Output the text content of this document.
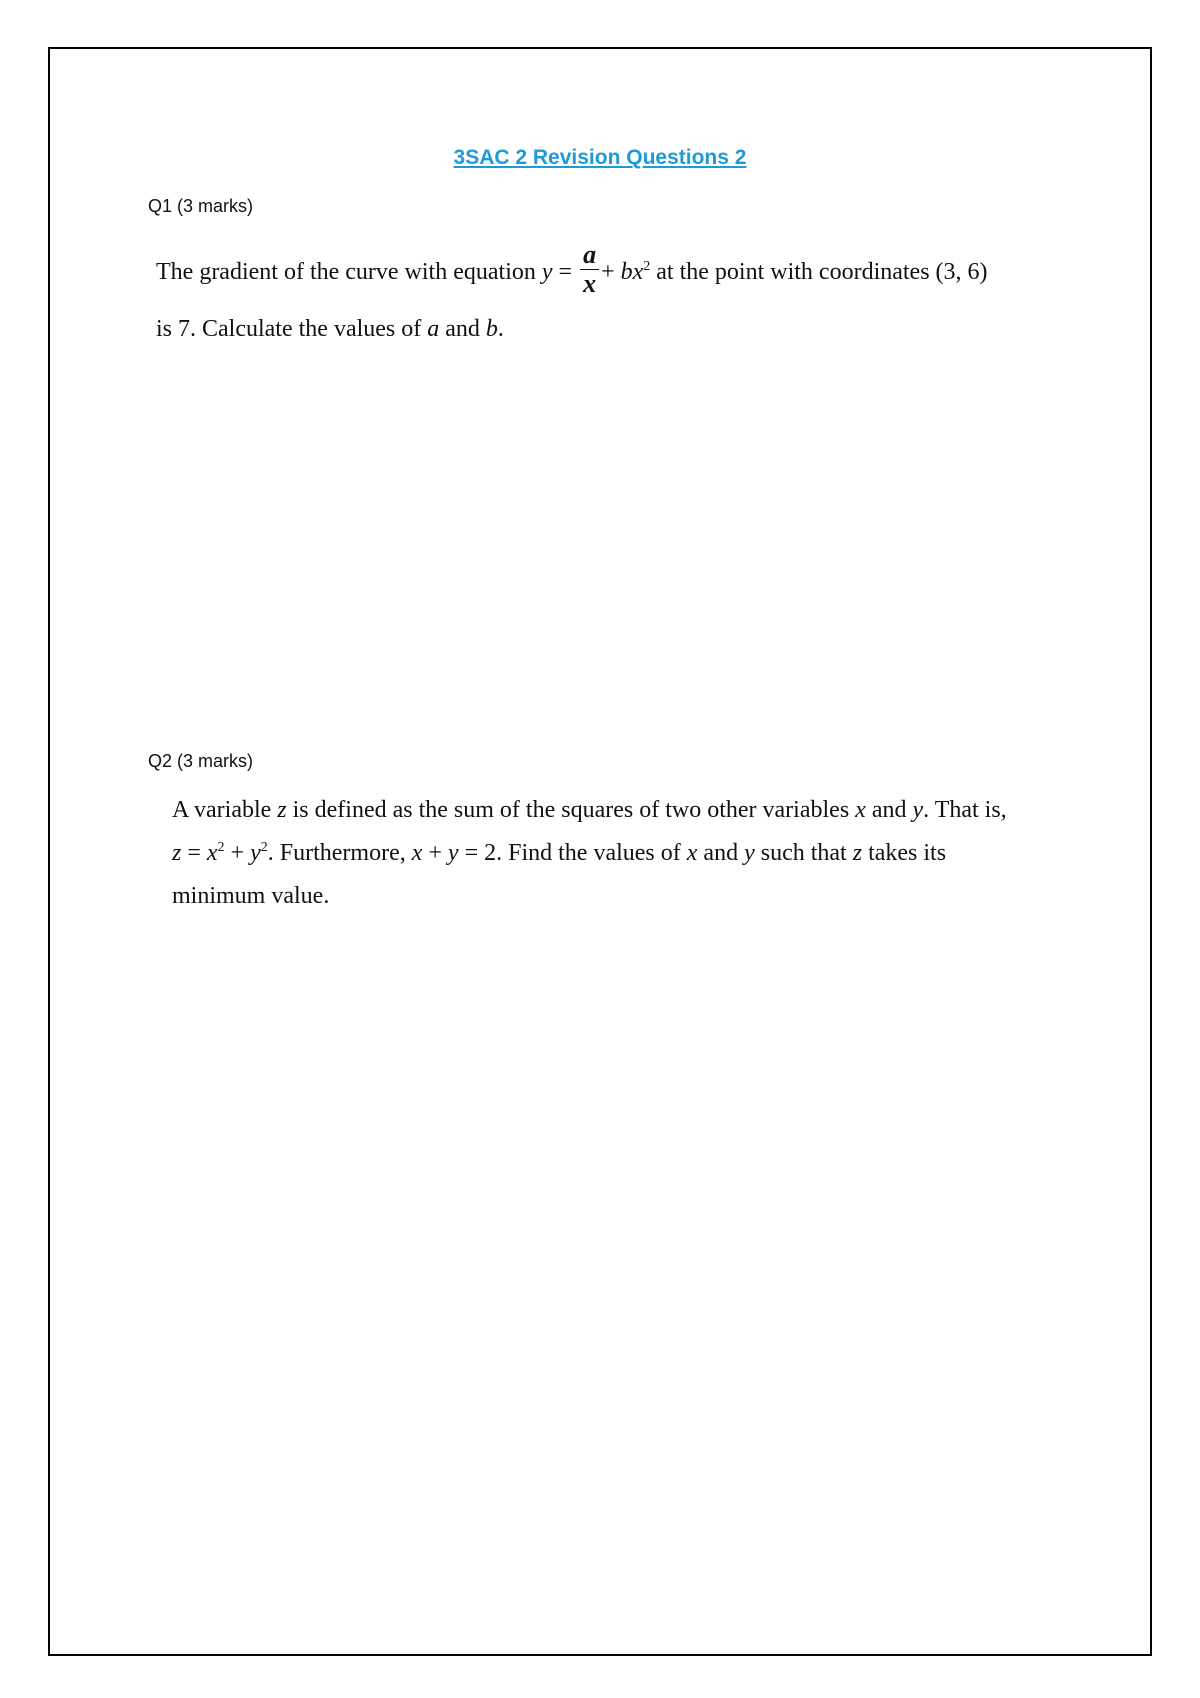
3SAC 2 Revision Questions 2
Q1 (3 marks)
The gradient of the curve with equation $y = \frac{a}{x} + bx^2$ at the point with coordinates (3, 6)
is 7. Calculate the values of a and b.
Q2 (3 marks)
A variable z is defined as the sum of the squares of two other variables x and y. That is,
$z = x^2 + y^2$. Furthermore, x + y = 2. Find the values of x and y such that z takes its
minimum value.
